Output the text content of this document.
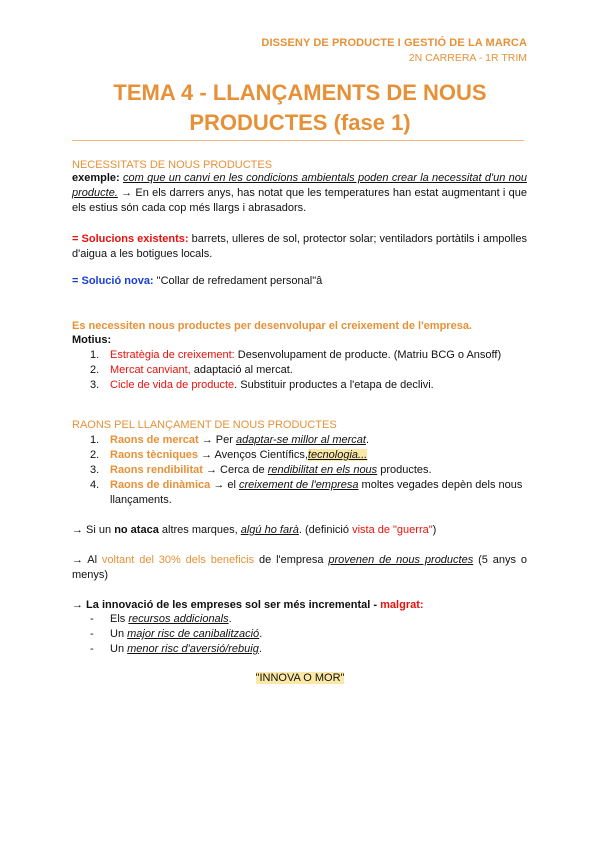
DISSENY DE PRODUCTE I GESTIÓ DE LA MARCA
2N CARRERA - 1R TRIM
TEMA 4 - LLANÇAMENTS DE NOUS
PRODUCTES (fase 1)
NECESSITATS DE NOUS PRODUCTES
exemple: com que un canvi en les condicions ambientals poden crear la necessitat d'un nou producte. → En els darrers anys, has notat que les temperatures han estat augmentant i que els estius són cada cop més llargs i abrasadors.
= Solucions existents: barrets, ulleres de sol, protector solar; ventiladors portàtils i ampolles d'aigua a les botigues locals.
= Solució nova: "Collar de refredament personal"â
Es necessiten nous productes per desenvolupar el creixement de l'empresa.
Motius:
1. Estratègia de creixement: Desenvolupament de producte. (Matriu BCG o Ansoff)
2. Mercat canviant, adaptació al mercat.
3. Cicle de vida de producte. Substituir productes a l'etapa de declivi.
RAONS PEL LLANÇAMENT DE NOUS PRODUCTES
1. Raons de mercat → Per adaptar-se millor al mercat.
2. Raons tècniques → Avenços Científics,tecnologia...
3. Raons rendibilitat → Cerca de rendibilitat en els nous productes.
4. Raons de dinàmica → el creixement de l'empresa moltes vegades depèn dels nous llançaments.
→ Si un no ataca altres marques, algú ho farà. (definició vista de "guerra")
→ Al voltant del 30% dels beneficis de l'empresa provenen de nous productes (5 anys o menys)
→ La innovació de les empreses sol ser més incremental - malgrat:
- Els recursos addicionals.
- Un major risc de canibalització.
- Un menor risc d'aversió/rebuig.
"INNOVA O MOR"
